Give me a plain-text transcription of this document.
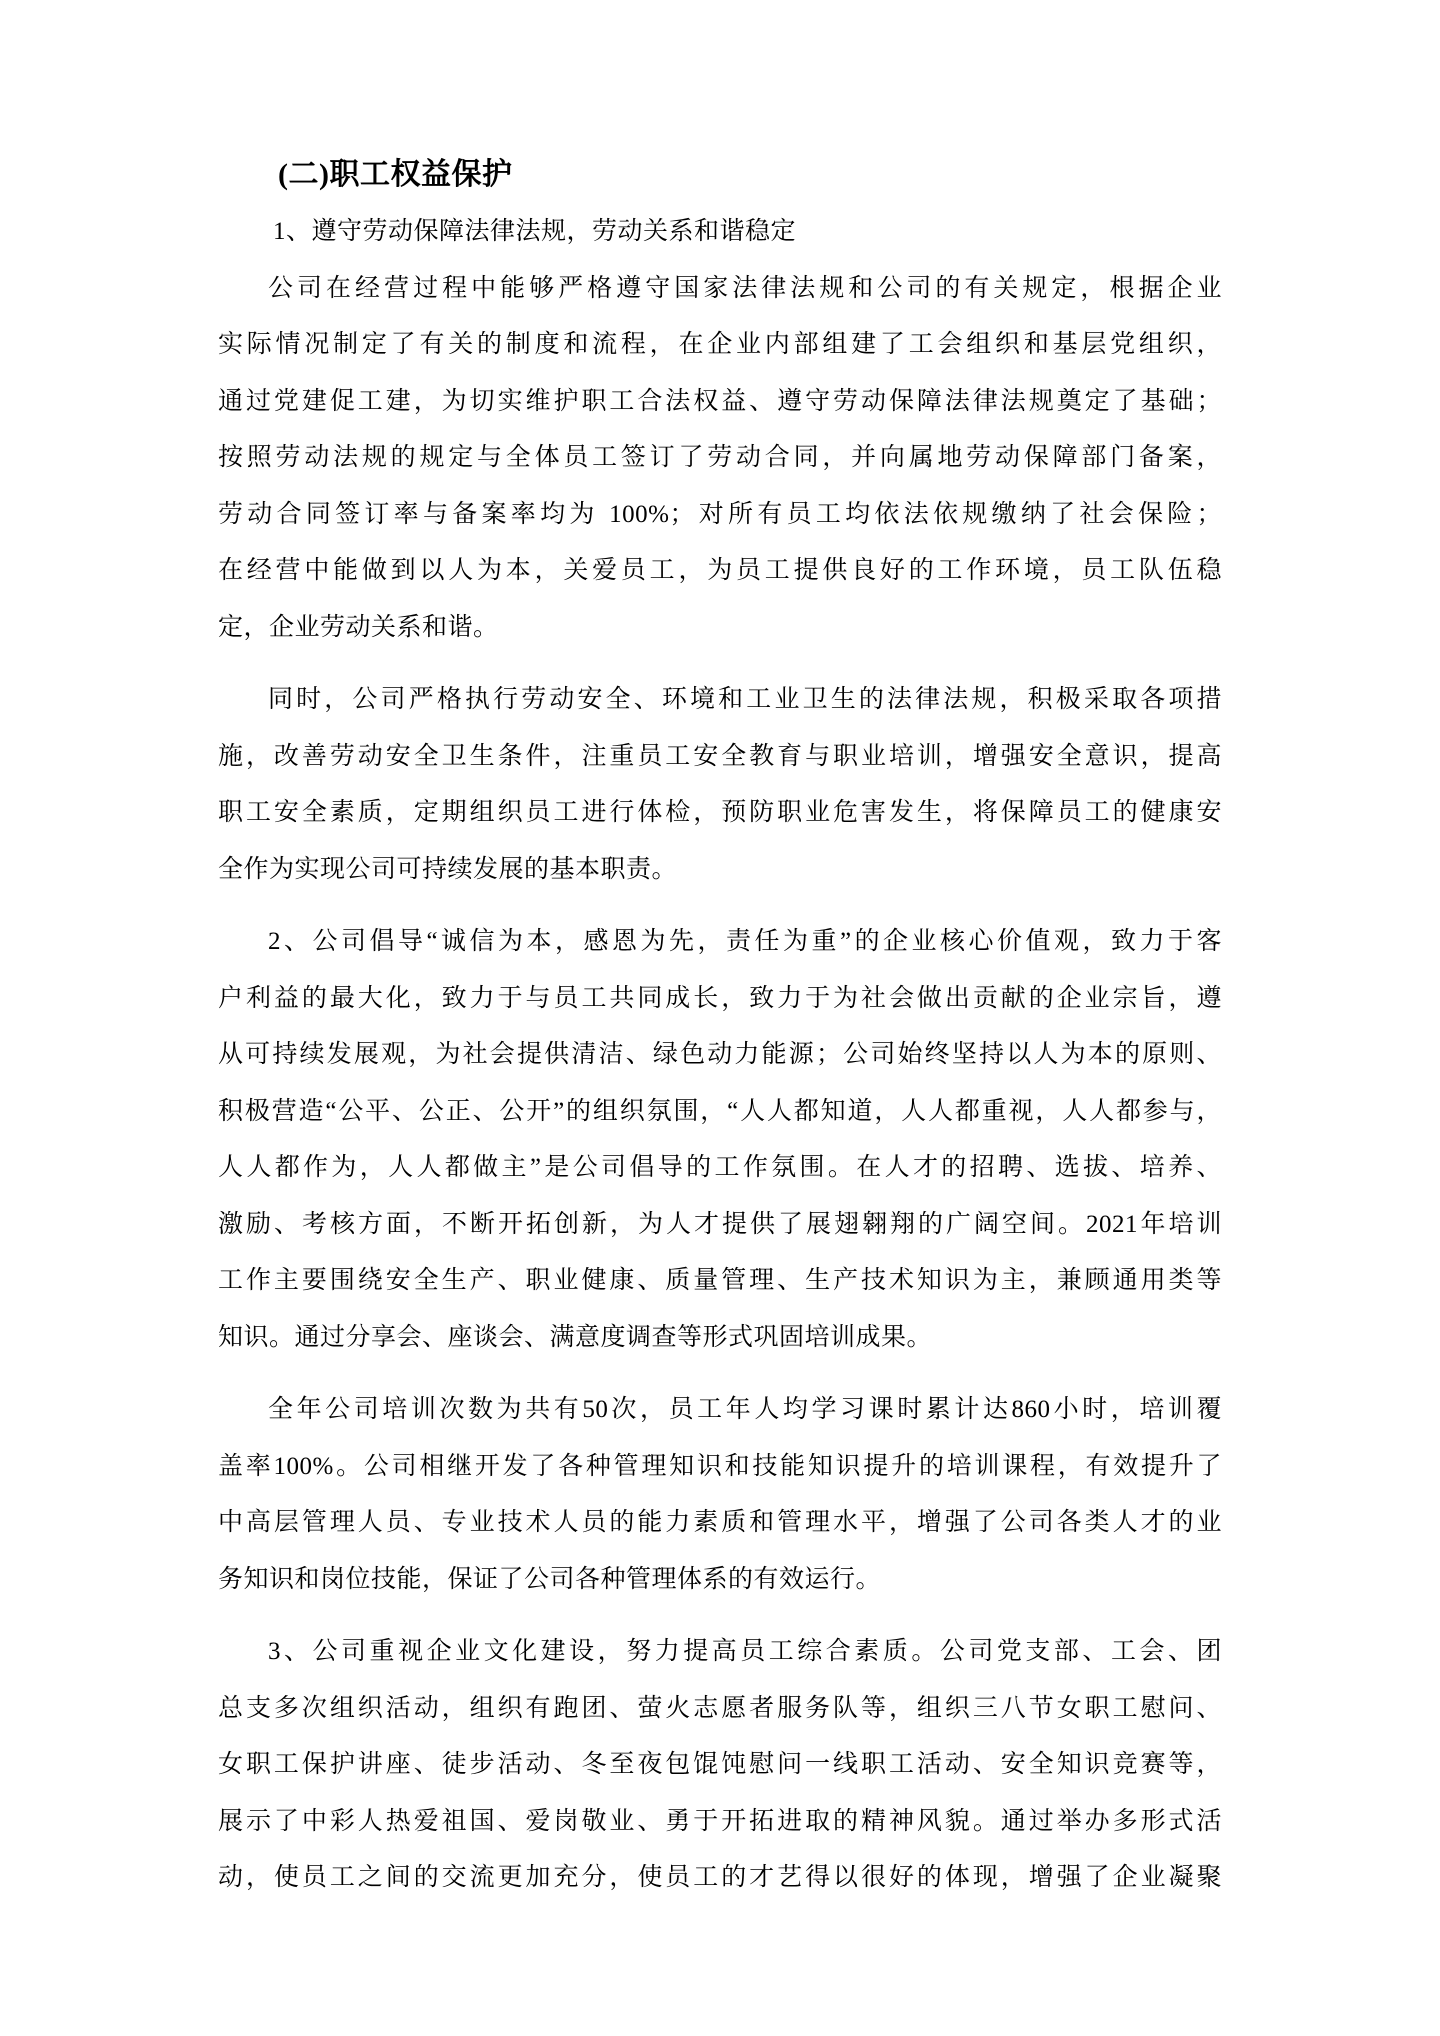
(二)职工权益保护
1、遵守劳动保障法律法规，劳动关系和谐稳定

公司在经营过程中能够严格遵守国家法律法规和公司的有关规定，根据企业
实际情况制定了有关的制度和流程，在企业内部组建了工会组织和基层党组织，
通过党建促工建，为切实维护职工合法权益、遵守劳动保障法律法规奠定了基础；
按照劳动法规的规定与全体员工签订了劳动合同，并向属地劳动保障部门备案，
劳动合同签订率与备案率均为 100%；对所有员工均依法依规缴纳了社会保险；
在经营中能做到以人为本，关爱员工，为员工提供良好的工作环境，员工队伍稳
定，企业劳动关系和谐。

同时，公司严格执行劳动安全、环境和工业卫生的法律法规，积极采取各项措
施，改善劳动安全卫生条件，注重员工安全教育与职业培训，增强安全意识，提高
职工安全素质，定期组织员工进行体检，预防职业危害发生，将保障员工的健康安
全作为实现公司可持续发展的基本职责。

2、公司倡导“诚信为本，感恩为先，责任为重”的企业核心价值观，致力于客
户利益的最大化，致力于与员工共同成长，致力于为社会做出贡献的企业宗旨，遵
从可持续发展观，为社会提供清洁、绿色动力能源；公司始终坚持以人为本的原则、
积极营造“公平、公正、公开”的组织氛围，“人人都知道，人人都重视，人人都参与，
人人都作为，人人都做主”是公司倡导的工作氛围。在人才的招聘、选拔、培养、
激励、考核方面，不断开拓创新，为人才提供了展翅翱翔的广阔空间。2021年培训
工作主要围绕安全生产、职业健康、质量管理、生产技术知识为主，兼顾通用类等
知识。通过分享会、座谈会、满意度调查等形式巩固培训成果。

全年公司培训次数为共有50次，员工年人均学习课时累计达860小时，培训覆
盖率100%。公司相继开发了各种管理知识和技能知识提升的培训课程，有效提升了
中高层管理人员、专业技术人员的能力素质和管理水平，增强了公司各类人才的业
务知识和岗位技能，保证了公司各种管理体系的有效运行。

3、公司重视企业文化建设，努力提高员工综合素质。公司党支部、工会、团
总支多次组织活动，组织有跑团、萤火志愿者服务队等，组织三八节女职工慰问、
女职工保护讲座、徒步活动、冬至夜包馄饨慰问一线职工活动、安全知识竞赛等，
展示了中彩人热爱祖国、爱岗敬业、勇于开拓进取的精神风貌。通过举办多形式活
动，使员工之间的交流更加充分，使员工的才艺得以很好的体现，增强了企业凝聚
